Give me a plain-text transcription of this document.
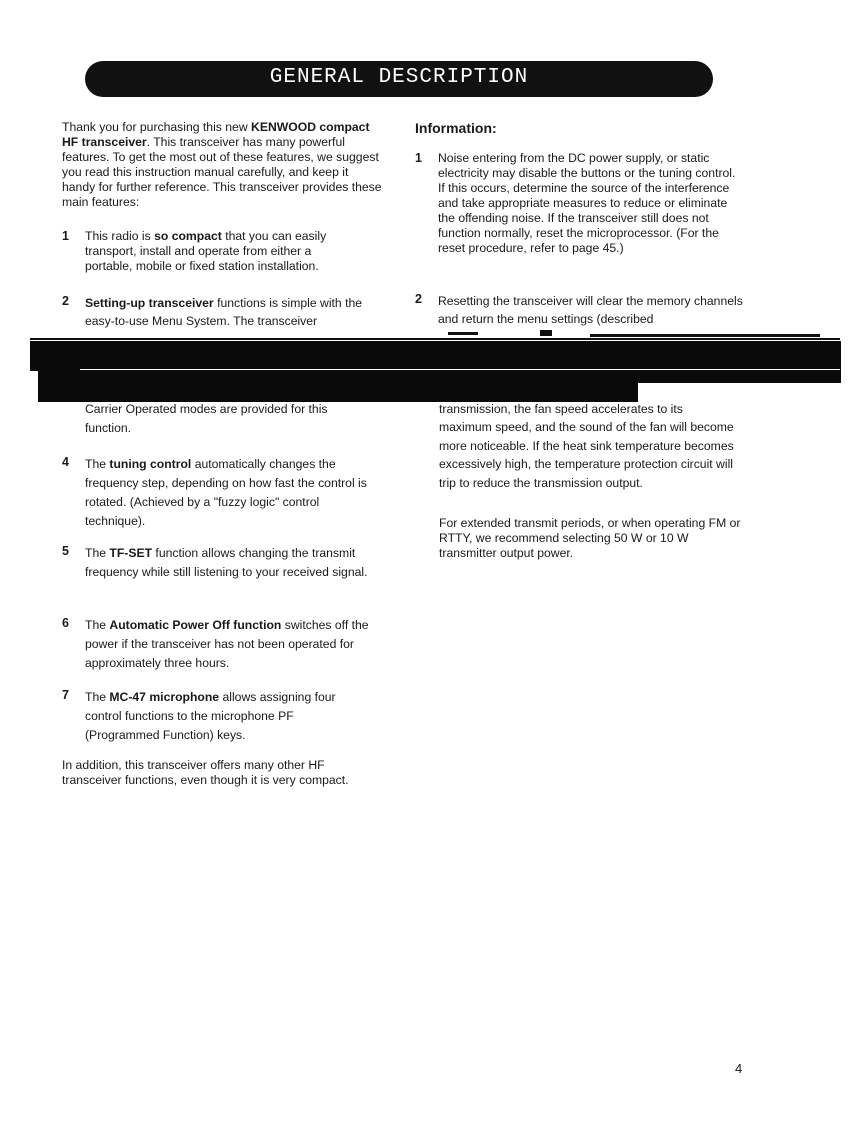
GENERAL DESCRIPTION

Thank you for purchasing this new KENWOOD compact HF transceiver. This transceiver has many powerful features. To get the most out of these features, we suggest you read this instruction manual carefully, and keep it handy for further reference. This transceiver provides these main features:

1 This radio is so compact that you can easily transport, install and operate from either a portable, mobile or fixed station installation.
2 Setting-up transceiver functions is simple with the easy-to-use Menu System. The transceiver
Carrier Operated modes are provided for this function.
4 The tuning control automatically changes the frequency step, depending on how fast the control is rotated. (Achieved by a "fuzzy logic" control technique).
5 The TF-SET function allows changing the transmit frequency while still listening to your received signal.
6 The Automatic Power Off function switches off the power if the transceiver has not been operated for approximately three hours.
7 The MC-47 microphone allows assigning four control functions to the microphone PF (Programmed Function) keys.

In addition, this transceiver offers many other HF transceiver functions, even though it is very compact.

Information:
1 Noise entering from the DC power supply, or static electricity may disable the buttons or the tuning control. If this occurs, determine the source of the interference and take appropriate measures to reduce or eliminate the offending noise. If the transceiver still does not function normally, reset the microprocessor. (For the reset procedure, refer to page 45.)
2 Resetting the transceiver will clear the memory channels and return the menu settings (described

transmission, the fan speed accelerates to its maximum speed, and the sound of the fan will become more noticeable. If the heat sink temperature becomes excessively high, the temperature protection circuit will trip to reduce the transmission output.

For extended transmit periods, or when operating FM or RTTY, we recommend selecting 50 W or 10 W transmitter output power.

4
